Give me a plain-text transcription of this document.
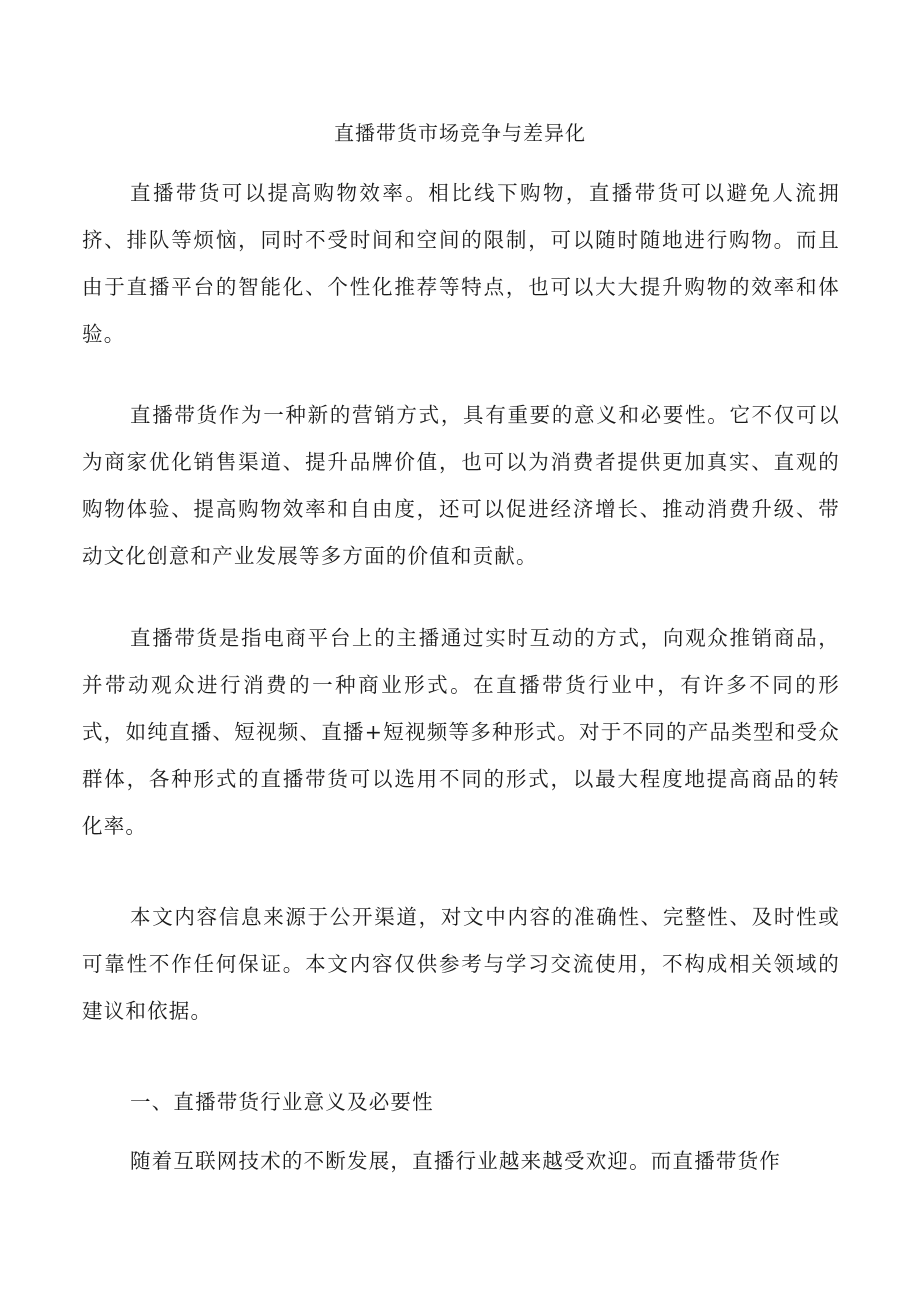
直播带货市场竞争与差异化

直播带货可以提高购物效率。相比线下购物，直播带货可以避免人流拥挤、排队等烦恼，同时不受时间和空间的限制，可以随时随地进行购物。而且由于直播平台的智能化、个性化推荐等特点，也可以大大提升购物的效率和体验。

直播带货作为一种新的营销方式，具有重要的意义和必要性。它不仅可以为商家优化销售渠道、提升品牌价值，也可以为消费者提供更加真实、直观的购物体验、提高购物效率和自由度，还可以促进经济增长、推动消费升级、带动文化创意和产业发展等多方面的价值和贡献。

直播带货是指电商平台上的主播通过实时互动的方式，向观众推销商品，并带动观众进行消费的一种商业形式。在直播带货行业中，有许多不同的形式，如纯直播、短视频、直播+短视频等多种形式。对于不同的产品类型和受众群体，各种形式的直播带货可以选用不同的形式，以最大程度地提高商品的转化率。

本文内容信息来源于公开渠道，对文中内容的准确性、完整性、及时性或可靠性不作任何保证。本文内容仅供参考与学习交流使用，不构成相关领域的建议和依据。

一、直播带货行业意义及必要性

随着互联网技术的不断发展，直播行业越来越受欢迎。而直播带货作
